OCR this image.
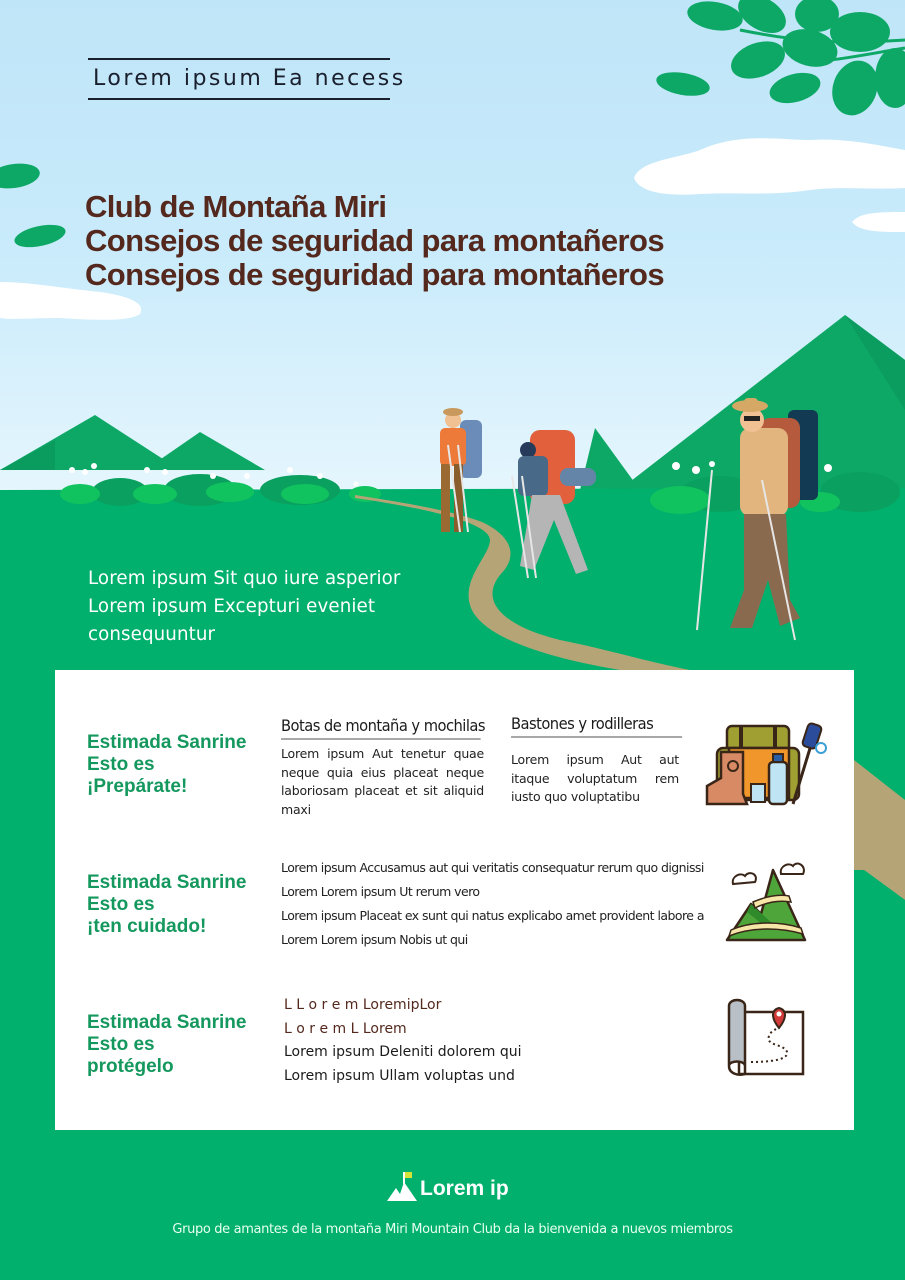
Lorem ipsum Ea necess
Club de Montaña Miri
Consejos de seguridad para montañeros
Consejos de seguridad para montañeros
Lorem ipsum Sit quo iure asperior
Lorem ipsum Excepturi eveniet
consequuntur
Estimada Sanrine
Esto es
¡Prepárate!
Botas de montaña y mochilas
Lorem ipsum Aut tenetur quae neque quia eius placeat neque laboriosam placeat et sit aliquid maxi
Bastones y rodilleras
Lorem ipsum Aut aut itaque voluptatum rem iusto quo voluptatibu
Estimada Sanrine
Esto es
¡ten cuidado!
Lorem ipsum Accusamus aut qui veritatis consequatur rerum quo dignissi
Lorem Lorem ipsum Ut rerum vero
Lorem ipsum Placeat ex sunt qui natus explicabo amet provident labore a
Lorem Lorem ipsum Nobis ut qui
Estimada Sanrine
Esto es
protégelo
L L o r e m LoremipLor
L o r e m L Lorem
Lorem ipsum Deleniti dolorem qui
Lorem ipsum Ullam voluptas und
Lorem ip
Grupo de amantes de la montaña Miri Mountain Club da la bienvenida a nuevos miembros
